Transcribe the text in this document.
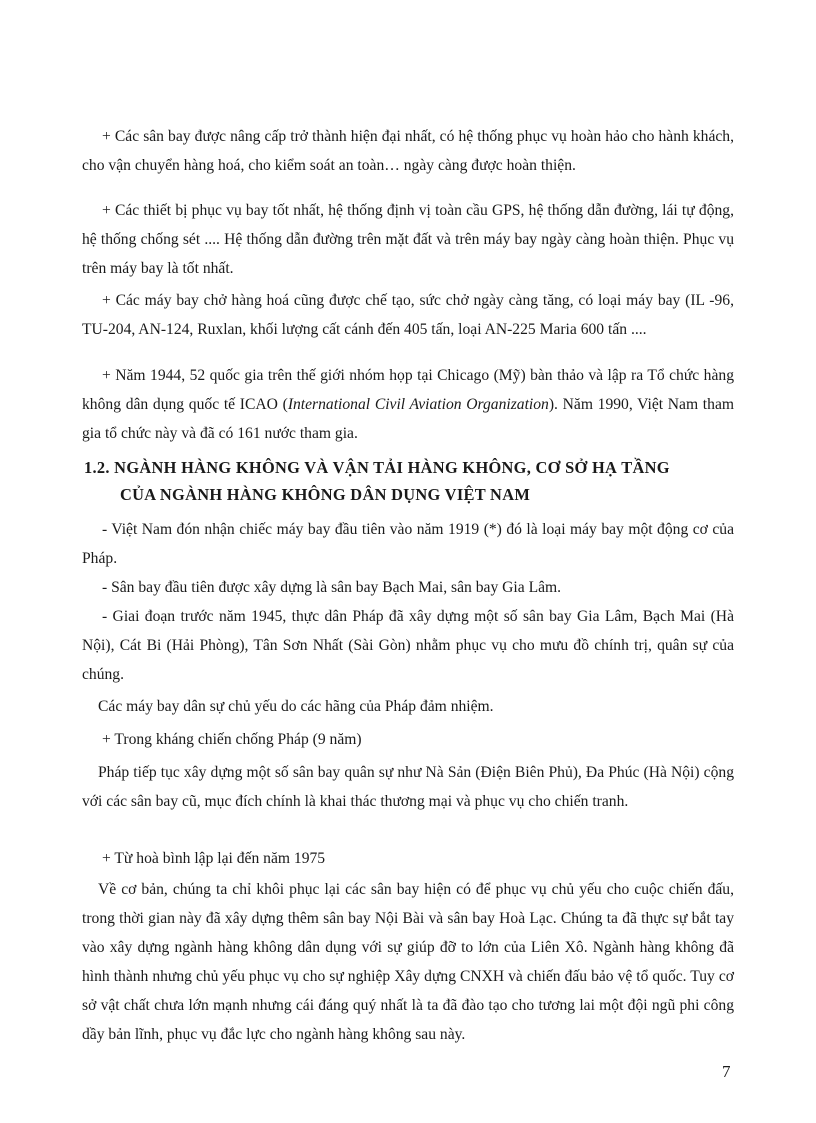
+ Các sân bay được nâng cấp trở thành hiện đại nhất, có hệ thống phục vụ hoàn hảo cho hành khách, cho vận chuyển hàng hoá, cho kiểm soát an toàn… ngày càng được hoàn thiện.

+ Các thiết bị phục vụ bay tốt nhất, hệ thống định vị toàn cầu GPS, hệ thống dẫn đường, lái tự động, hệ thống chống sét .... Hệ thống dẫn đường trên mặt đất và trên máy bay ngày càng hoàn thiện. Phục vụ trên máy bay là tốt nhất.

+ Các máy bay chở hàng hoá cũng được chế tạo, sức chở ngày càng tăng, có loại máy bay (IL -96, TU-204, AN-124, Ruxlan, khối lượng cất cánh đến 405 tấn, loại AN-225 Maria 600 tấn ....

+ Năm 1944, 52 quốc gia trên thế giới nhóm họp tại Chicago (Mỹ) bàn thảo và lập ra Tổ chức hàng không dân dụng quốc tế ICAO (International Civil Aviation Organization). Năm 1990, Việt Nam tham gia tổ chức này và đã có 161 nước tham gia.

1.2. NGÀNH HÀNG KHÔNG VÀ VẬN TẢI HÀNG KHÔNG, CƠ SỞ HẠ TẦNG
CỦA NGÀNH HÀNG KHÔNG DÂN DỤNG VIỆT NAM

- Việt Nam đón nhận chiếc máy bay đầu tiên vào năm 1919 (*) đó là loại máy bay một động cơ của Pháp.

- Sân bay đầu tiên được xây dựng là sân bay Bạch Mai, sân bay Gia Lâm.

- Giai đoạn trước năm 1945, thực dân Pháp đã xây dựng một số sân bay Gia Lâm, Bạch Mai (Hà Nội), Cát Bi (Hải Phòng), Tân Sơn Nhất (Sài Gòn) nhằm phục vụ cho mưu đồ chính trị, quân sự của chúng.

Các máy bay dân sự chủ yếu do các hãng của Pháp đảm nhiệm.

+ Trong kháng chiến chống Pháp (9 năm)

Pháp tiếp tục xây dựng một số sân bay quân sự như Nà Sản (Điện Biên Phủ), Đa Phúc (Hà Nội) cộng với các sân bay cũ, mục đích chính là khai thác thương mại và phục vụ cho chiến tranh.

+ Từ hoà bình lập lại đến năm 1975

Về cơ bản, chúng ta chỉ khôi phục lại các sân bay hiện có để phục vụ chủ yếu cho cuộc chiến đấu, trong thời gian này đã xây dựng thêm sân bay Nội Bài và sân bay Hoà Lạc. Chúng ta đã thực sự bắt tay vào xây dựng ngành hàng không dân dụng với sự giúp đỡ to lớn của Liên Xô. Ngành hàng không đã hình thành nhưng chủ yếu phục vụ cho sự nghiệp Xây dựng CNXH và chiến đấu bảo vệ tổ quốc. Tuy cơ sở vật chất chưa lớn mạnh nhưng cái đáng quý nhất là ta đã đào tạo cho tương lai một đội ngũ phi công dầy bản lĩnh, phục vụ đắc lực cho ngành hàng không sau này.

7
